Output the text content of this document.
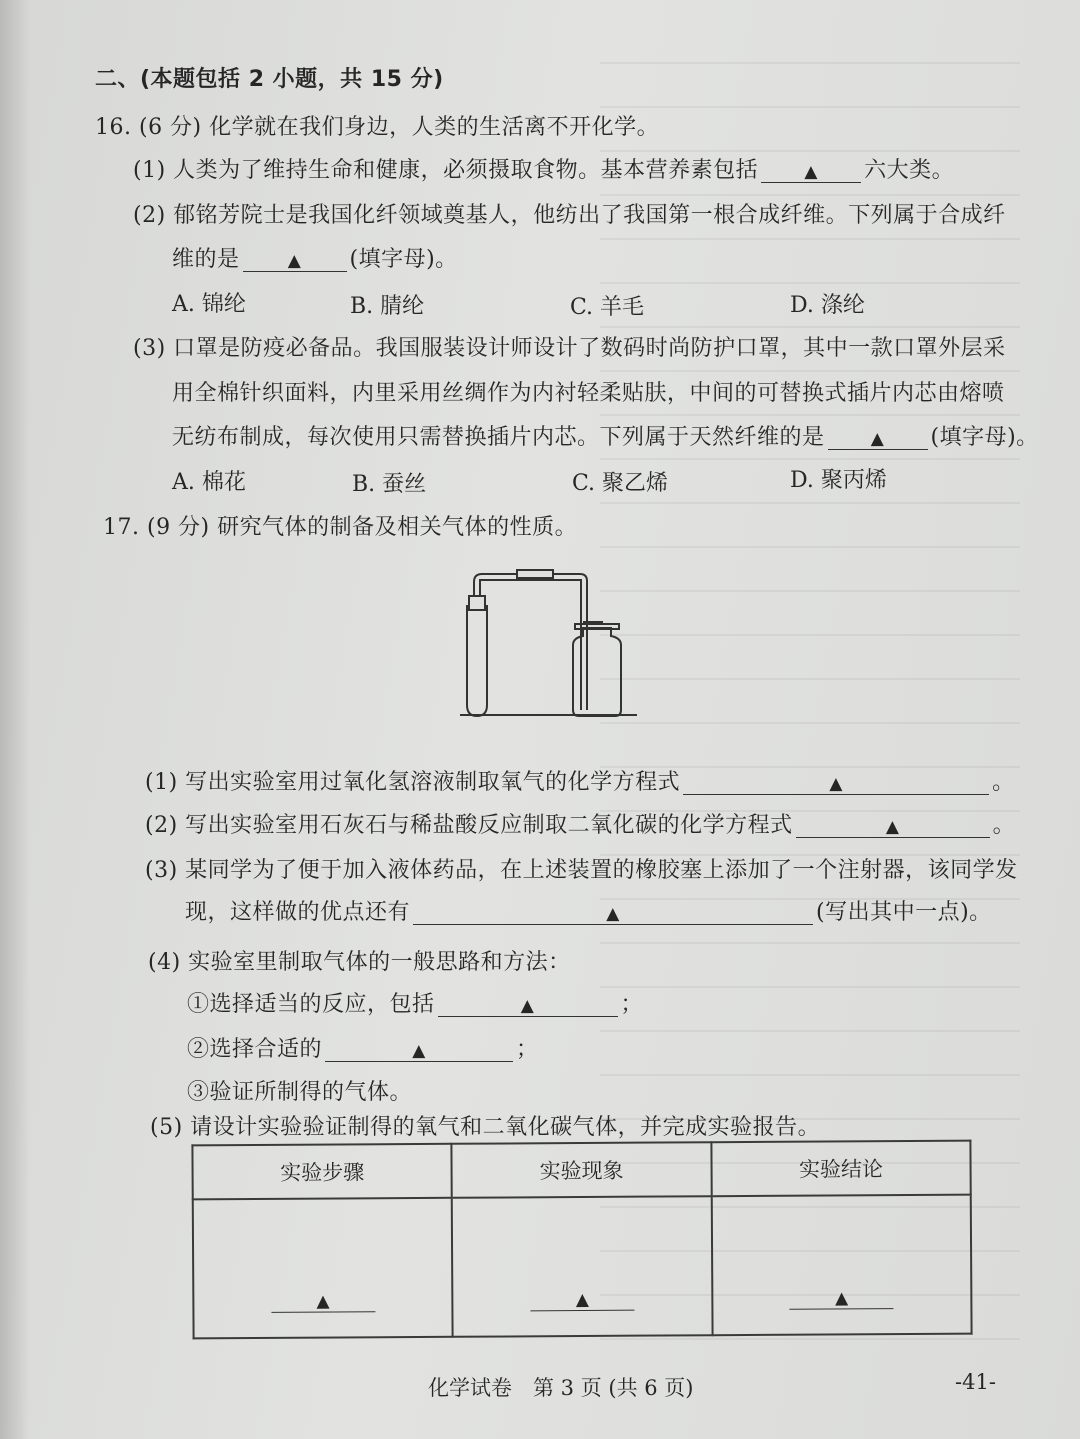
二、(本题包括 2 小题，共 15 分)
16. (6 分) 化学就在我们身边，人类的生活离不开化学。
(1) 人类为了维持生命和健康，必须摄取食物。基本营养素包括	▲ 六大类。
(2) 郁铭芳院士是我国化纤领域奠基人，他纺出了我国第一根合成纤维。下列属于合成纤
维的是	▲ (填字母)。
A. 锦纶	B. 腈纶	C. 羊毛	D. 涤纶
(3) 口罩是防疫必备品。我国服装设计师设计了数码时尚防护口罩，其中一款口罩外层采
用全棉针织面料，内里采用丝绸作为内衬轻柔贴肤，中间的可替换式插片内芯由熔喷
无纺布制成，每次使用只需替换插片内芯。下列属于天然纤维的是	▲ (填字母)。
A. 棉花	B. 蚕丝	C. 聚乙烯	D. 聚丙烯
17. (9 分) 研究气体的制备及相关气体的性质。
(1) 写出实验室用过氧化氢溶液制取氧气的化学方程式	▲	。
(2) 写出实验室用石灰石与稀盐酸反应制取二氧化碳的化学方程式	▲	。
(3) 某同学为了便于加入液体药品，在上述装置的橡胶塞上添加了一个注射器，该同学发
现，这样做的优点还有	▲	(写出其中一点)。
(4) 实验室里制取气体的一般思路和方法：
①选择适当的反应，包括	▲	；
②选择合适的	▲	；
③验证所制得的气体。
(5) 请设计实验验证制得的氧气和二氧化碳气体，并完成实验报告。
实验步骤	实验现象	实验结论
▲	▲	▲
化学试卷　第 3 页 (共 6 页)	-41-
